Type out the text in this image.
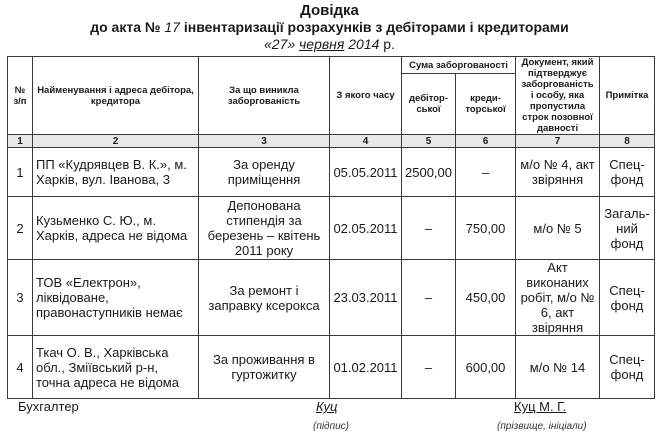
Довідка
до акта № 17 інвентаризації розрахунків з дебіторами і кредиторами
«27» червня 2014 р.
№ з/п	Найменування і адреса дебітора, кредитора	За що виникла заборгованість	З якого часу	Сума заборгованості		Документ, який підтверджує заборгованість і особу, яка пропустила строк позовної давності	Примітка
				дебітор-ської	креди-торської		
1	2	3	4	5	6	7	8
1	ПП «Кудрявцев В. К.», м. Харків, вул. Іванова, 3	За оренду приміщення	05.05.2011	2500,00	–	м/о № 4, акт звіряння	Спец-фонд
2	Кузьменко С. Ю., м. Харків, адреса не відома	Депонована стипендія за березень – квітень 2011 року	02.05.2011	–	750,00	м/о № 5	Загаль-ний фонд
3	ТОВ «Електрон», ліквідоване, правонаступників немає	За ремонт і заправку ксерокса	23.03.2011	–	450,00	Акт виконаних робіт, м/о № 6, акт звіряння	Спец-фонд
4	Ткач О. В., Харківська обл., Зміївський р-н, точна адреса не відома	За проживання в гуртожитку	01.02.2011	–	600,00	м/о № 14	Спец-фонд
Бухгалтер	Куц
(підпис)
Куц М. Г.
(прізвище, ініціали)
